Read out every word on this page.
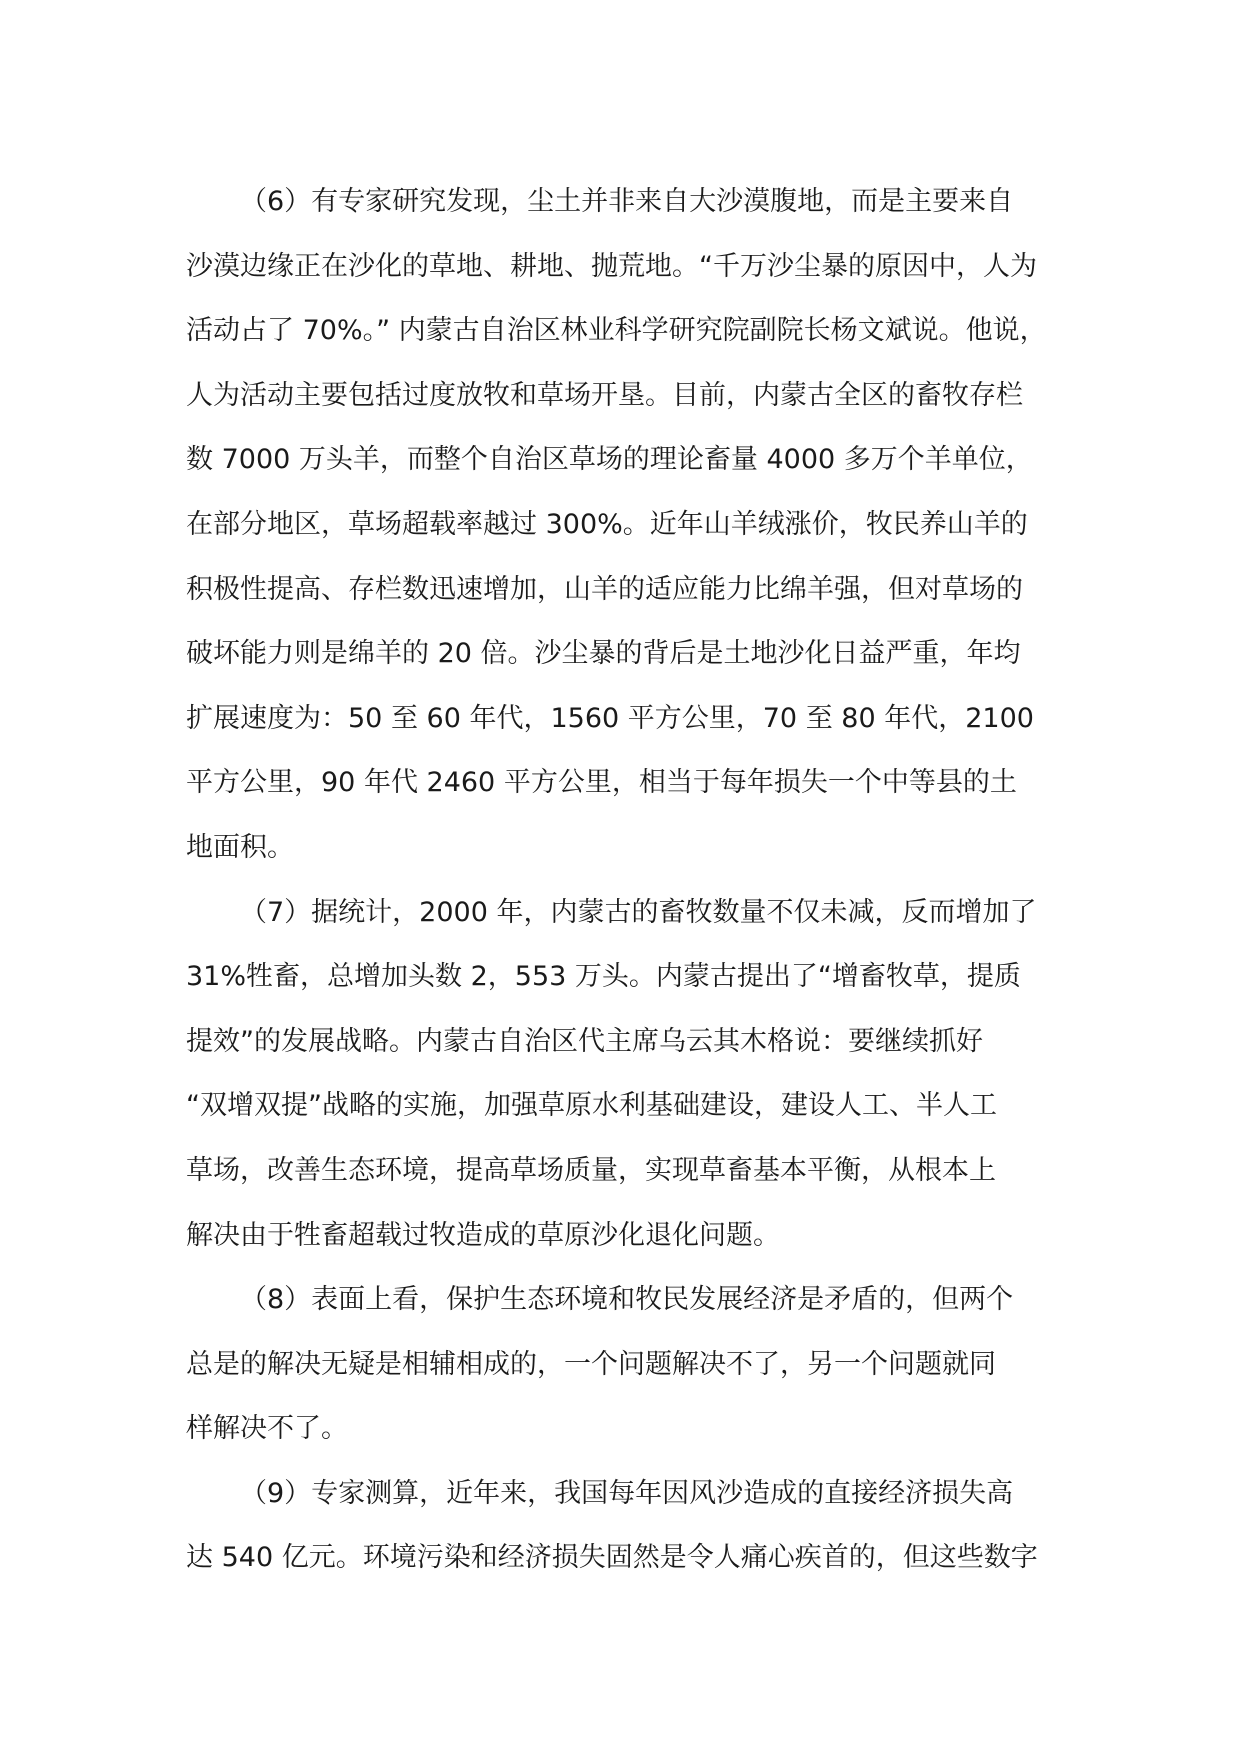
（6）有专家研究发现，尘土并非来自大沙漠腹地，而是主要来自
沙漠边缘正在沙化的草地、耕地、抛荒地。“千万沙尘暴的原因中，人为
活动占了 70%。” 内蒙古自治区林业科学研究院副院长杨文斌说。他说，
人为活动主要包括过度放牧和草场开垦。目前，内蒙古全区的畜牧存栏
数 7000 万头羊，而整个自治区草场的理论畜量 4000 多万个羊单位，
在部分地区，草场超载率越过 300%。近年山羊绒涨价，牧民养山羊的
积极性提高、存栏数迅速增加，山羊的适应能力比绵羊强，但对草场的
破坏能力则是绵羊的 20 倍。沙尘暴的背后是土地沙化日益严重，年均
扩展速度为：50 至 60 年代，1560 平方公里，70 至 80 年代，2100
平方公里，90 年代 2460 平方公里，相当于每年损失一个中等县的土
地面积。
（7）据统计，2000 年，内蒙古的畜牧数量不仅未减，反而增加了
31%牲畜，总增加头数 2，553 万头。内蒙古提出了“增畜牧草，提质
提效”的发展战略。内蒙古自治区代主席乌云其木格说：要继续抓好
“双增双提”战略的实施，加强草原水利基础建设，建设人工、半人工
草场，改善生态环境，提高草场质量，实现草畜基本平衡，从根本上
解决由于牲畜超载过牧造成的草原沙化退化问题。
（8）表面上看，保护生态环境和牧民发展经济是矛盾的，但两个
总是的解决无疑是相辅相成的，一个问题解决不了，另一个问题就同
样解决不了。
（9）专家测算，近年来，我国每年因风沙造成的直接经济损失高
达 540 亿元。环境污染和经济损失固然是令人痛心疾首的，但这些数字
